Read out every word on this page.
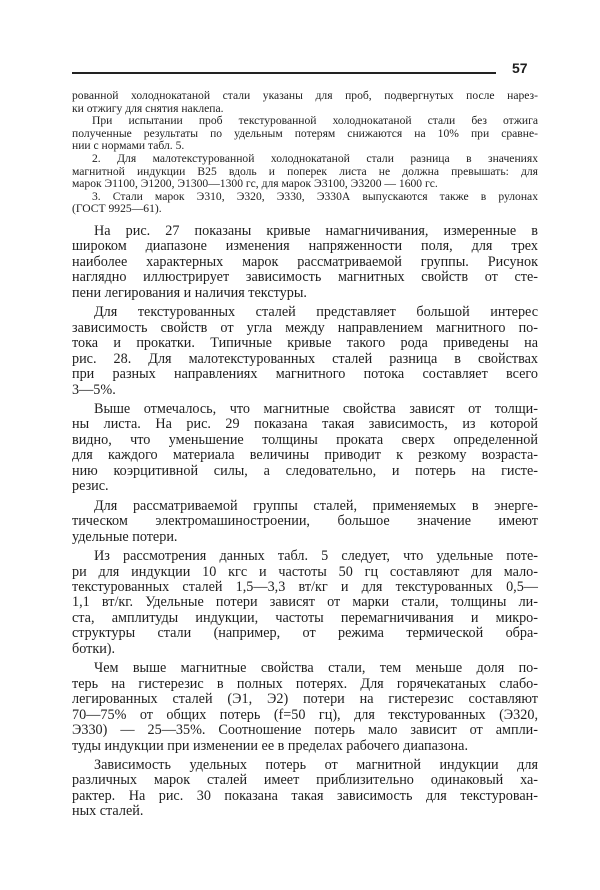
57
рованной холоднокатаной стали указаны для проб, подвергнутых после нарез-
ки отжигу для снятия наклепа.
При испытании проб текстурованной холоднокатаной стали без отжига
полученные результаты по удельным потерям снижаются на 10% при сравне-
нии с нормами табл. 5.
2. Для малотекстурованной холоднокатаной стали разница в значениях
магнитной индукции В25 вдоль и поперек листа не должна превышать: для
марок Э1100, Э1200, Э1300—1300 гс, для марок Э3100, Э3200 — 1600 гс.
3. Стали марок Э310, Э320, Э330, Э330А выпускаются также в рулонах
(ГОСТ 9925—61).
На рис. 27 показаны кривые намагничивания, измеренные в
широком диапазоне изменения напряженности поля, для трех
наиболее характерных марок рассматриваемой группы. Рисунок
наглядно иллюстрирует зависимость магнитных свойств от сте-
пени легирования и наличия текстуры.
Для текстурованных сталей представляет большой интерес
зависимость свойств от угла между направлением магнитного по-
тока и прокатки. Типичные кривые такого рода приведены на
рис. 28. Для малотекстурованных сталей разница в свойствах
при разных направлениях магнитного потока составляет всего
3—5%.
Выше отмечалось, что магнитные свойства зависят от толщи-
ны листа. На рис. 29 показана такая зависимость, из которой
видно, что уменьшение толщины проката сверх определенной
для каждого материала величины приводит к резкому возраста-
нию коэрцитивной силы, а следовательно, и потерь на гисте-
резис.
Для рассматриваемой группы сталей, применяемых в энерге-
тическом электромашиностроении, большое значение имеют
удельные потери.
Из рассмотрения данных табл. 5 следует, что удельные поте-
ри для индукции 10 кгс и частоты 50 гц составляют для мало-
текстурованных сталей 1,5—3,3 вт/кг и для текстурованных 0,5—
1,1 вт/кг. Удельные потери зависят от марки стали, толщины ли-
ста, амплитуды индукции, частоты перемагничивания и микро-
структуры стали (например, от режима термической обра-
ботки).
Чем выше магнитные свойства стали, тем меньше доля по-
терь на гистерезис в полных потерях. Для горячекатаных слабо-
легированных сталей (Э1, Э2) потери на гистерезис составляют
70—75% от общих потерь (f=50 гц), для текстурованных (Э320,
Э330) — 25—35%. Соотношение потерь мало зависит от ампли-
туды индукции при изменении ее в пределах рабочего диапазона.
Зависимость удельных потерь от магнитной индукции для
различных марок сталей имеет приблизительно одинаковый ха-
рактер. На рис. 30 показана такая зависимость для текстурован-
ных сталей.
